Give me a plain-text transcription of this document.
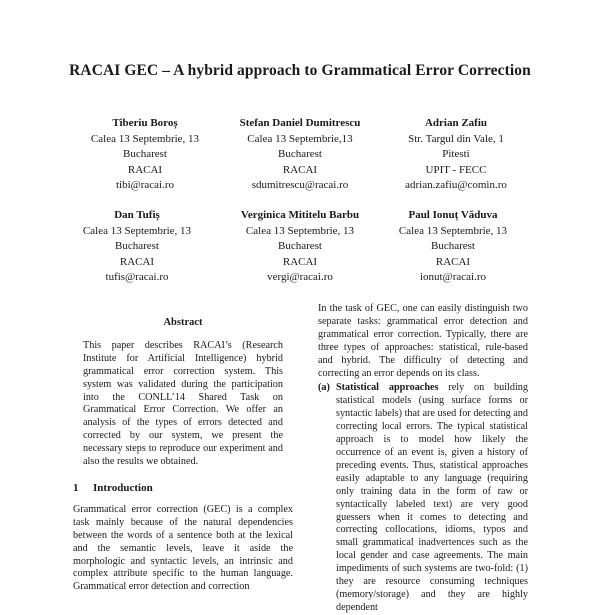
RACAI GEC – A hybrid approach to Grammatical Error Correction
Tiberiu Boroș
Calea 13 Septembrie, 13
Bucharest
RACAI
tibi@racai.ro
Stefan Daniel Dumitrescu
Calea 13 Septembrie,13
Bucharest
RACAI
sdumitrescu@racai.ro
Adrian Zafiu
Str. Targul din Vale, 1
Pitesti
UPIT - FECC
adrian.zafiu@comin.ro
Dan Tufiș
Calea 13 Septembrie, 13
Bucharest
RACAI
tufis@racai.ro
Verginica Mititelu Barbu
Calea 13 Septembrie, 13
Bucharest
RACAI
vergi@racai.ro
Paul Ionuț Văduva
Calea 13 Septembrie, 13
Bucharest
RACAI
ionut@racai.ro
Abstract

This paper describes RACAI’s (Research Institute for Artificial Intelligence) hybrid grammatical error correction system. This system was validated during the participation into the CONLL’14 Shared Task on Grammatical Error Correction. We offer an analysis of the types of errors detected and corrected by our system, we present the necessary steps to reproduce our experiment and also the results we obtained.

1 Introduction

Grammatical error correction (GEC) is a complex task mainly because of the natural dependencies between the words of a sentence both at the lexical and the semantic levels, leave it aside the morphologic and syntactic levels, an intrinsic and complex attribute specific to the human language. Grammatical error detection and correction

In the task of GEC, one can easily distinguish two separate tasks: grammatical error detection and grammatical error correction. Typically, there are three types of approaches: statistical, rule-based and hybrid. The difficulty of detecting and correcting an error depends on its class.

(a) Statistical approaches rely on building statistical models (using surface forms or syntactic labels) that are used for detecting and correcting local errors. The typical statistical approach is to model how likely the occurrence of an event is, given a history of preceding events. Thus, statistical approaches easily adaptable to any language (requiring only training data in the form of raw or syntactically labeled text) are very good guessers when it comes to detecting and correcting collocations, idioms, typos and small grammatical inadvertences such as the local gender and case agreements. The main impediments of such systems are two-fold: (1) they are resource consuming techniques (memory/storage) and they are highly dependent
